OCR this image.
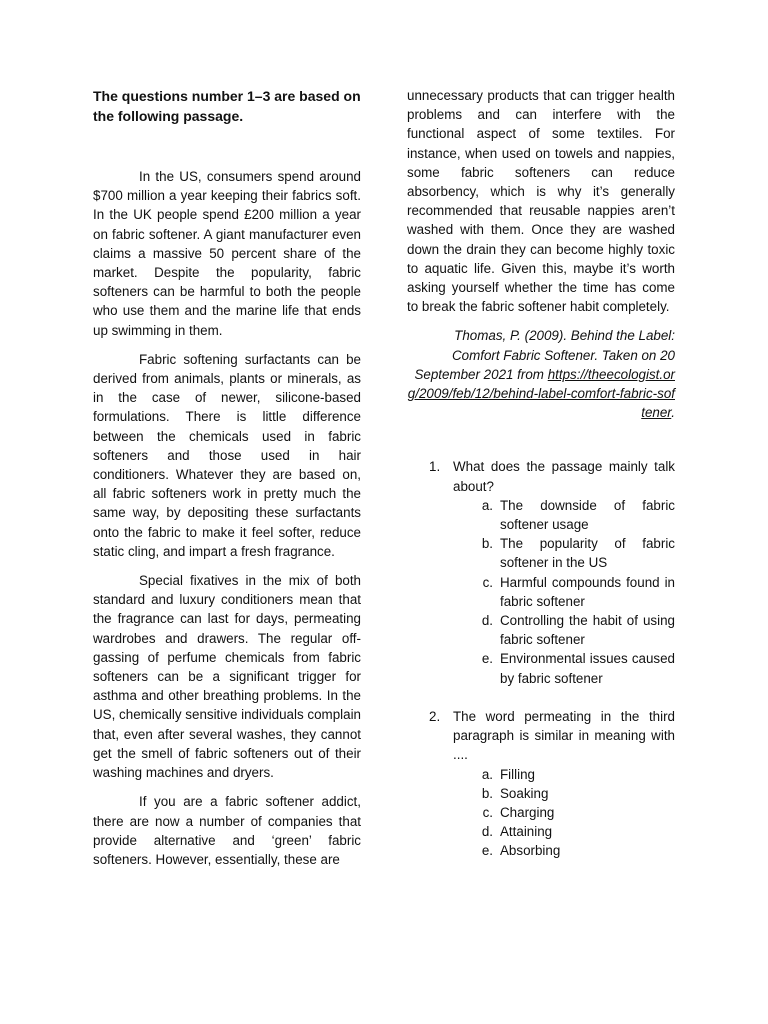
The questions number 1–3 are based on the following passage.

In the US, consumers spend around $700 million a year keeping their fabrics soft. In the UK people spend £200 million a year on fabric softener. A giant manufacturer even claims a massive 50 percent share of the market. Despite the popularity, fabric softeners can be harmful to both the people who use them and the marine life that ends up swimming in them.

Fabric softening surfactants can be derived from animals, plants or minerals, as in the case of newer, silicone-based formulations. There is little difference between the chemicals used in fabric softeners and those used in hair conditioners. Whatever they are based on, all fabric softeners work in pretty much the same way, by depositing these surfactants onto the fabric to make it feel softer, reduce static cling, and impart a fresh fragrance.

Special fixatives in the mix of both standard and luxury conditioners mean that the fragrance can last for days, permeating wardrobes and drawers. The regular off-gassing of perfume chemicals from fabric softeners can be a significant trigger for asthma and other breathing problems. In the US, chemically sensitive individuals complain that, even after several washes, they cannot get the smell of fabric softeners out of their washing machines and dryers.

If you are a fabric softener addict, there are now a number of companies that provide alternative and ‘green’ fabric softeners. However, essentially, these are

unnecessary products that can trigger health problems and can interfere with the functional aspect of some textiles. For instance, when used on towels and nappies, some fabric softeners can reduce absorbency, which is why it’s generally recommended that reusable nappies aren’t washed with them. Once they are washed down the drain they can become highly toxic to aquatic life. Given this, maybe it’s worth asking yourself whether the time has come to break the fabric softener habit completely.

Thomas, P. (2009). Behind the Label: Comfort Fabric Softener. Taken on 20 September 2021 from https://theecologist.org/2009/feb/12/behind-label-comfort-fabric-softener.

1. What does the passage mainly talk about?
a. The downside of fabric softener usage
b. The popularity of fabric softener in the US
c. Harmful compounds found in fabric softener
d. Controlling the habit of using fabric softener
e. Environmental issues caused by fabric softener
2. The word permeating in the third paragraph is similar in meaning with ....
a. Filling
b. Soaking
c. Charging
d. Attaining
e. Absorbing
